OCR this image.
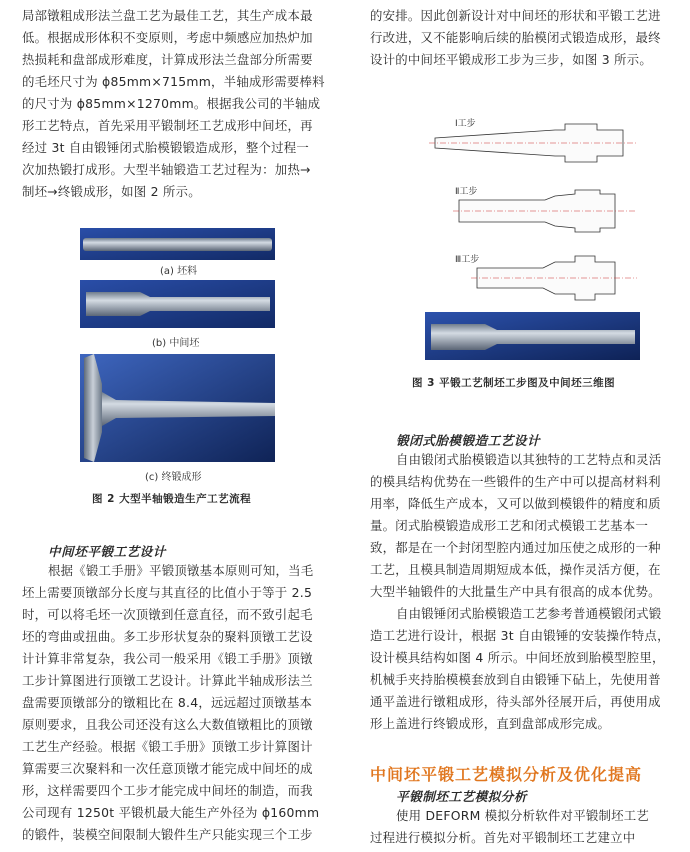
局部镦粗成形法兰盘工艺为最佳工艺，其生产成本最
低。根据成形体积不变原则，考虑中频感应加热炉加
热损耗和盘部成形难度，计算成形法兰盘部分所需要
的毛坯尺寸为 ϕ85mm×715mm，半轴成形需要棒料
的尺寸为 ϕ85mm×1270mm。根据我公司的半轴成
形工艺特点，首先采用平锻制坯工艺成形中间坯，再
经过 3t 自由锻锤闭式胎模锻锻造成形，整个过程一
次加热锻打成形。大型半轴锻造工艺过程为：加热→
制坯→终锻成形，如图 2 所示。
(a) 坯料
(b) 中间坯
(c) 终锻成形
图 2 大型半轴锻造生产工艺流程
中间坯平锻工艺设计
根据《锻工手册》平锻顶镦基本原则可知，当毛
坯上需要顶镦部分长度与其直径的比值小于等于 2.5
时，可以将毛坯一次顶镦到任意直径，而不致引起毛
坯的弯曲或扭曲。多工步形状复杂的聚料顶镦工艺设
计计算非常复杂，我公司一般采用《锻工手册》顶镦
工步计算图进行顶镦工艺设计。计算此半轴成形法兰
盘需要顶镦部分的镦粗比在 8.4，远远超过顶镦基本
原则要求，且我公司还没有这么大数值镦粗比的顶镦
工艺生产经验。根据《锻工手册》顶镦工步计算图计
算需要三次聚料和一次任意顶镦才能完成中间坯的成
形，这样需要四个工步才能完成中间坯的制造，而我
公司现有 1250t 平锻机最大能生产外径为 ϕ160mm
的锻件，装模空间限制大锻件生产只能实现三个工步
的安排。因此创新设计对中间坯的形状和平锻工艺进
行改进，又不能影响后续的胎模闭式锻造成形，最终
设计的中间坯平锻成形工步为三步，如图 3 所示。
Ⅰ工步
Ⅱ工步
Ⅲ工步
图 3 平锻工艺制坯工步图及中间坯三维图
锻闭式胎模锻造工艺设计
自由锻闭式胎模锻造以其独特的工艺特点和灵活
的模具结构优势在一些锻件的生产中可以提高材料利
用率，降低生产成本，又可以做到模锻件的精度和质
量。闭式胎模锻造成形工艺和闭式模锻工艺基本一
致，都是在一个封闭型腔内通过加压使之成形的一种
工艺，且模具制造周期短成本低，操作灵活方便，在
大型半轴锻件的大批量生产中具有很高的成本优势。
自由锻锤闭式胎模锻造工艺参考普通模锻闭式锻
造工艺进行设计，根据 3t 自由锻锤的安装操作特点，
设计模具结构如图 4 所示。中间坯放到胎模型腔里，
机械手夹持胎模模套放到自由锻锤下砧上，先使用普
通平盖进行镦粗成形，待头部外径展开后，再使用成
形上盖进行终锻成形，直到盘部成形完成。
中间坯平锻工艺模拟分析及优化提高
平锻制坯工艺模拟分析
使用 DEFORM 模拟分析软件对平锻制坯工艺
过程进行模拟分析。首先对平锻制坯工艺建立中
